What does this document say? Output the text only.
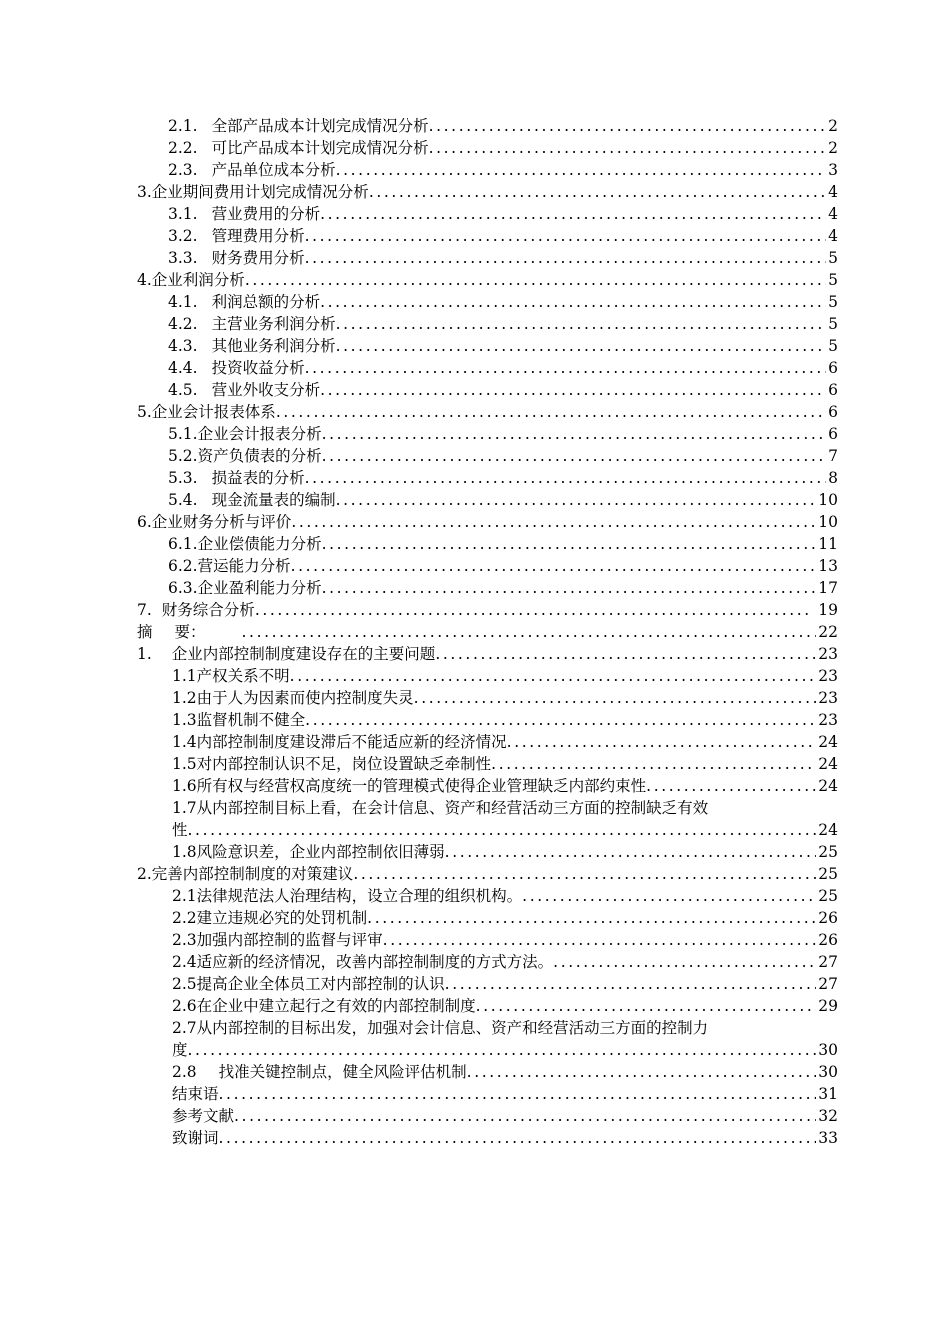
2.1. 全部产品成本计划完成情况分析 .....	2
2.2. 可比产品成本计划完成情况分析 .....	2
2.3. 产品单位成本分析 .....	3
3. 企业期间费用计划完成情况分析 .....	4
3.1. 营业费用的分析 .....	4
3.2. 管理费用分析 .....	4
3.3. 财务费用分析 .....	5
4. 企业利润分析 .....	5
4.1. 利润总额的分析 .....	5
4.2. 主营业务利润分析 .....	5
4.3. 其他业务利润分析 .....	5
4.4. 投资收益分析 .....	6
4.5. 营业外收支分析 .....	6
5. 企业会计报表体系 .....	6
5.1. 企业会计报表分析 .....	6
5.2. 资产负债表的分析 .....	7
5.3. 损益表的分析 .....	8
5.4. 现金流量表的编制 .....	10
6. 企业财务分析与评价 .....	10
6.1. 企业偿债能力分析 .....	11
6.2. 营运能力分析 .....	13
6.3. 企业盈利能力分析 .....	17
7. 财务综合分析 .....	19
摘 要： .....	22
1. 企业内部控制制度建设存在的主要问题 .....	23
1.1 产权关系不明 .....	23
1.2 由于人为因素而使内控制度失灵 .....	23
1.3 监督机制不健全 .....	23
1.4 内部控制制度建设滞后不能适应新的经济情况 .....	24
1.5 对内部控制认识不足，岗位设置缺乏牵制性 .....	24
1.6 所有权与经营权高度统一的管理模式使得企业管理缺乏内部约束性 .....	24
1.7从内部控制目标上看，在会计信息、资产和经营活动三方面的控制缺乏有效
性 .....	24
1.8 风险意识差，企业内部控制依旧薄弱 .....	25
2. 完善内部控制制度的对策建议 .....	25
2.1 法律规范法人治理结构，设立合理的组织机构。 .....	25
2.2 建立违规必究的处罚机制 .....	26
2.3 加强内部控制的监督与评审 .....	26
2.4 适应新的经济情况，改善内部控制制度的方式方法。 .....	27
2.5 提高企业全体员工对内部控制的认识 .....	27
2.6 在企业中建立起行之有效的内部控制制度 .....	29
2.7从内部控制的目标出发，加强对会计信息、资产和经营活动三方面的控制力
度 .....	30
2.8 找准关键控制点，健全风险评估机制 .....	30
结束语 .....	31
参考文献 .....	32
致谢词 .....	33
